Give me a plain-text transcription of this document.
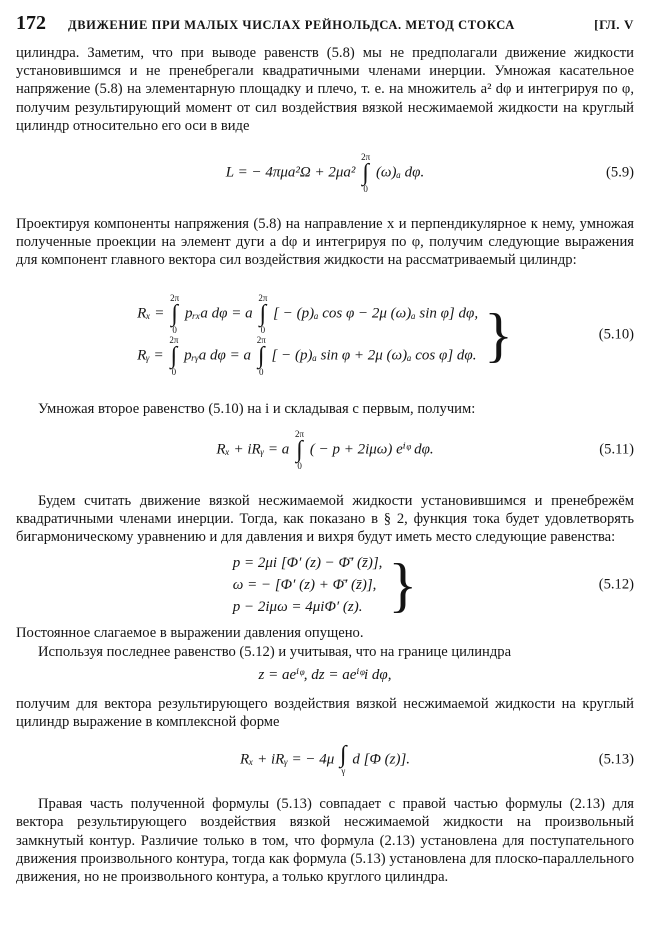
172	ДВИЖЕНИЕ ПРИ МАЛЫХ ЧИСЛАХ РЕЙНОЛЬДСА. МЕТОД СТОКСА	[ГЛ. V

цилиндра. Заметим, что при выводе равенств (5.8) мы не предполагали движение жидкости установившимся и не пренебрегали квадратичными членами инерции. Умножая касательное напряжение (5.8) на элементарную площадку и плечо, т. е. на множитель a² dφ и интегрируя по φ, получим результирующий момент от сил воздействия вязкой несжимаемой жидкости на круглый цилиндр относительно его оси в виде

L = − 4πμa²Ω + 2μa²
2π
∫
0
(ω)ₐ dφ.	(5.9)

Проектируя компоненты напряжения (5.8) на направление x и перпендикулярное к нему, умножая полученные проекции на элемент дуги a dφ и интегрируя по φ, получим следующие выражения для компонент главного вектора сил воздействия жидкости на рассматриваемый цилиндр:

Rₓ =
2π
∫
0
pᵣₓa dφ = a
2π
∫
0
[ − (p)ₐ cos φ − 2μ (ω)ₐ sin φ] dφ,
Rᵧ =
2π
∫
0
pᵣᵧa dφ = a
2π
∫
0
[ − (p)ₐ sin φ + 2μ (ω)ₐ cos φ] dφ. }	(5.10)

Умножая второе равенство (5.10) на i и складывая с первым, получим:

Rₓ + iRᵧ = a
2π
∫
0
( − p + 2iμω) eⁱᵠ dφ.	(5.11)

Будем считать движение вязкой несжимаемой жидкости установившимся и пренебрежём квадратичными членами инерции. Тогда, как показано в § 2, функция тока будет удовлетворять бигармоническому уравнению и для давления и вихря будут иметь место следующие равенства:

p = 2μi [Φ′ (z) − Φ̄′ (z̄)],
ω = − [Φ′ (z) + Φ̄′ (z̄)],
p − 2iμω = 4μiΦ′ (z). }	(5.12)

Постоянное слагаемое в выражении давления опущено.

Используя последнее равенство (5.12) и учитывая, что на границе цилиндра

z = aeⁱᵠ, dz = aeⁱᵠi dφ,

получим для вектора результирующего воздействия вязкой несжимаемой жидкости на круглый цилиндр выражение в комплексной форме

Rₓ + iRᵧ = − 4μ ∫
γ
d [Φ (z)].	(5.13)

Правая часть полученной формулы (5.13) совпадает с правой частью формулы (2.13) для вектора результирующего воздействия вязкой несжимаемой жидкости на произвольный замкнутый контур. Различие только в том, что формула (2.13) установлена для поступательного движения произвольного контура, тогда как формула (5.13) установлена для плоско-параллельного движения, но не произвольного контура, а только круглого цилиндра.
